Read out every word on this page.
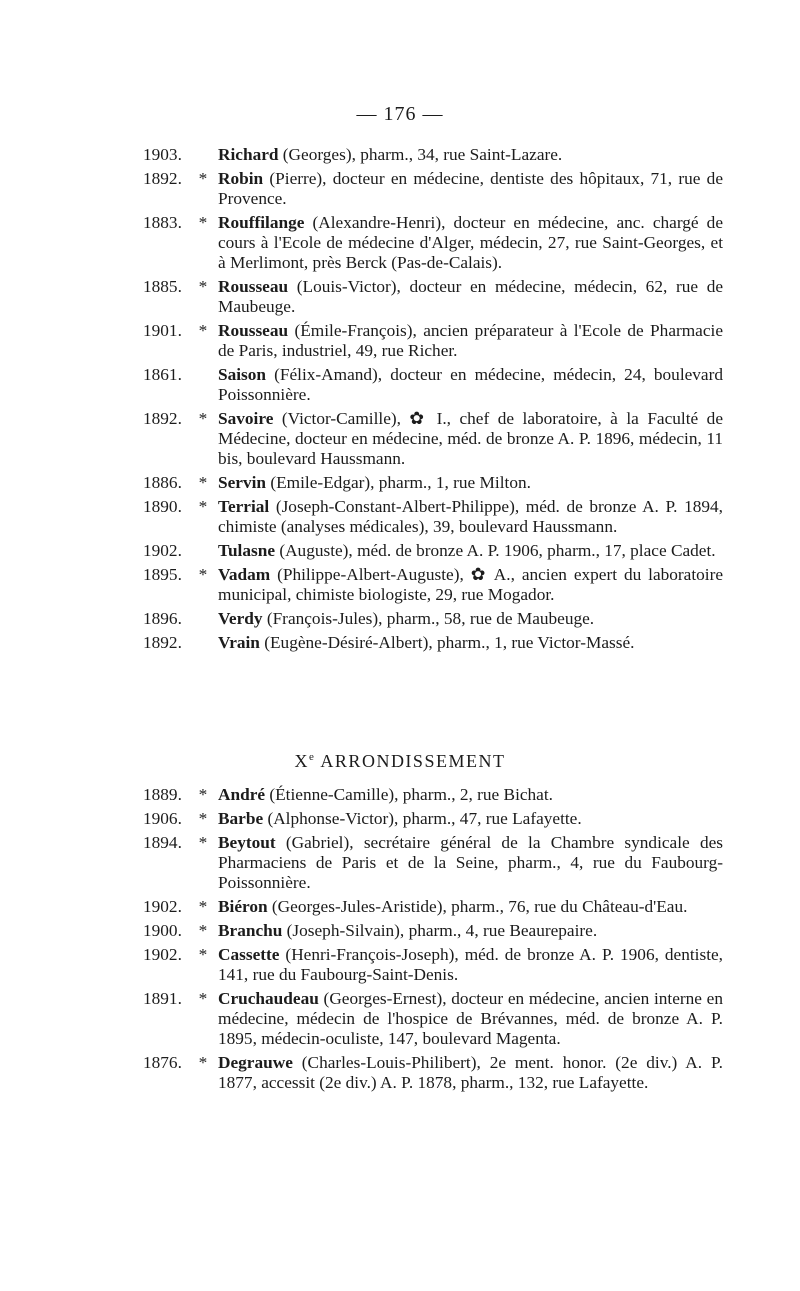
— 176 —
1903. Richard (Georges), pharm., 34, rue Saint-Lazare.
1892. * Robin (Pierre), docteur en médecine, dentiste des hôpitaux, 71, rue de Provence.
1883. * Rouffilange (Alexandre-Henri), docteur en médecine, anc. chargé de cours à l'Ecole de médecine d'Alger, médecin, 27, rue Saint-Georges, et à Merlimont, près Berck (Pas-de-Calais).
1885. * Rousseau (Louis-Victor), docteur en médecine, médecin, 62, rue de Maubeuge.
1901. * Rousseau (Émile-François), ancien préparateur à l'Ecole de Pharmacie de Paris, industriel, 49, rue Richer.
1861. Saison (Félix-Amand), docteur en médecine, médecin, 24, boulevard Poissonnière.
1892. * Savoire (Victor-Camille), ✿ I., chef de laboratoire, à la Faculté de Médecine, docteur en médecine, méd. de bronze A. P. 1896, médecin, 11 bis, boulevard Haussmann.
1886. * Servin (Emile-Edgar), pharm., 1, rue Milton.
1890. * Terrial (Joseph-Constant-Albert-Philippe), méd. de bronze A. P. 1894, chimiste (analyses médicales), 39, boulevard Haussmann.
1902. Tulasne (Auguste), méd. de bronze A. P. 1906, pharm., 17, place Cadet.
1895. * Vadam (Philippe-Albert-Auguste), ✿ A., ancien expert du laboratoire municipal, chimiste biologiste, 29, rue Mogador.
1896. Verdy (François-Jules), pharm., 58, rue de Maubeuge.
1892. Vrain (Eugène-Désiré-Albert), pharm., 1, rue Victor-Massé.
Xe ARRONDISSEMENT
1889. * André (Étienne-Camille), pharm., 2, rue Bichat.
1906. * Barbe (Alphonse-Victor), pharm., 47, rue Lafayette.
1894. * Beytout (Gabriel), secrétaire général de la Chambre syndicale des Pharmaciens de Paris et de la Seine, pharm., 4, rue du Faubourg-Poissonnière.
1902. * Biéron (Georges-Jules-Aristide), pharm., 76, rue du Château-d'Eau.
1900. * Branchu (Joseph-Silvain), pharm., 4, rue Beaurepaire.
1902. * Cassette (Henri-François-Joseph), méd. de bronze A. P. 1906, dentiste, 141, rue du Faubourg-Saint-Denis.
1891. * Cruchaudeau (Georges-Ernest), docteur en médecine, ancien interne en médecine, médecin de l'hospice de Brévannes, méd. de bronze A. P. 1895, médecin-oculiste, 147, boulevard Magenta.
1876. * Degrauwe (Charles-Louis-Philibert), 2e ment. honor. (2e div.) A. P. 1877, accessit (2e div.) A. P. 1878, pharm., 132, rue Lafayette.
